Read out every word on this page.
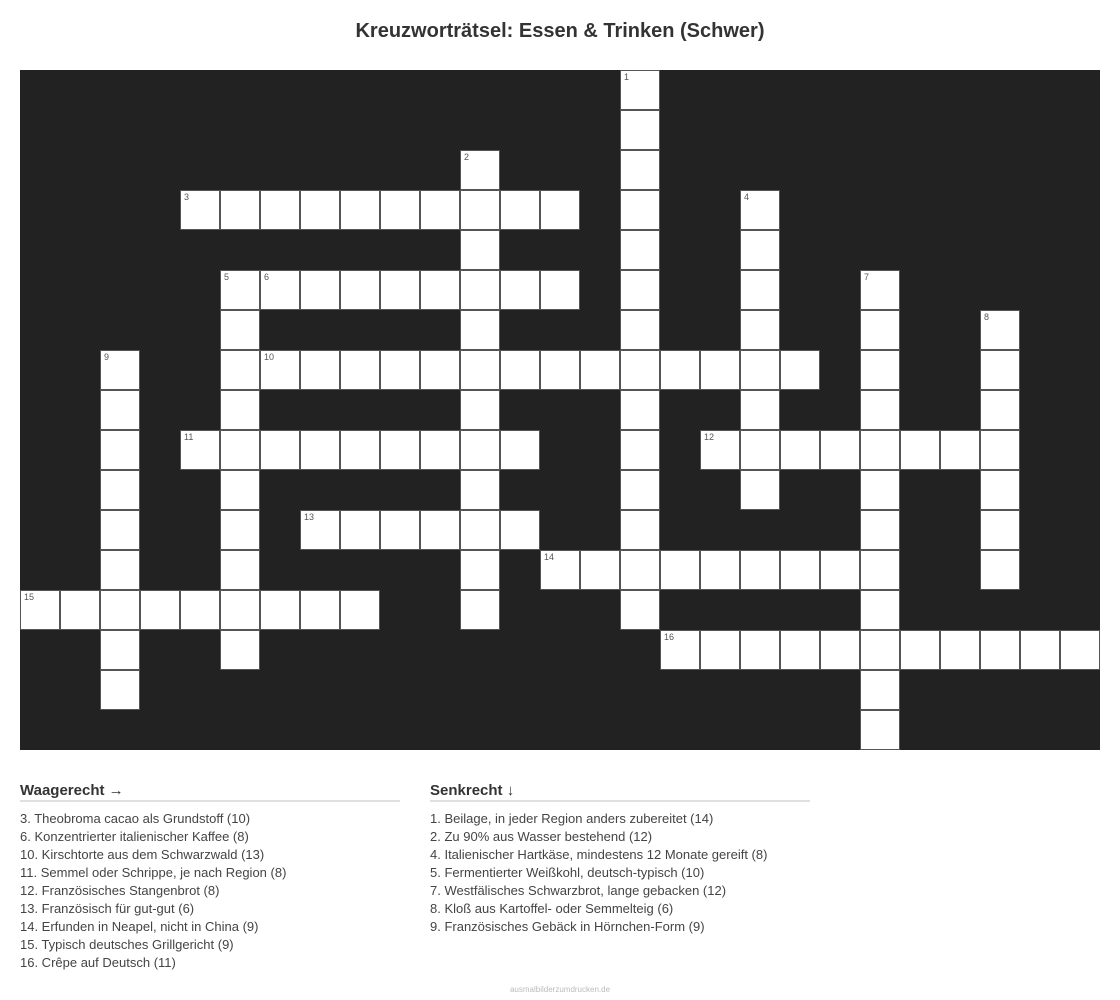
Kreuzworträtsel: Essen & Trinken (Schwer)
1
2
3	4
5	6	7
8
9	10
11	12
13
14
15
16
Waagerecht →
3. Theobroma cacao als Grundstoff (10)
6. Konzentrierter italienischer Kaffee (8)
10. Kirschtorte aus dem Schwarzwald (13)
11. Semmel oder Schrippe, je nach Region (8)
12. Französisches Stangenbrot (8)
13. Französisch für gut-gut (6)
14. Erfunden in Neapel, nicht in China (9)
15. Typisch deutsches Grillgericht (9)
16. Crêpe auf Deutsch (11)
Senkrecht ↓
1. Beilage, in jeder Region anders zubereitet (14)
2. Zu 90% aus Wasser bestehend (12)
4. Italienischer Hartkäse, mindestens 12 Monate gereift (8)
5. Fermentierter Weißkohl, deutsch-typisch (10)
7. Westfälisches Schwarzbrot, lange gebacken (12)
8. Kloß aus Kartoffel- oder Semmelteig (6)
9. Französisches Gebäck in Hörnchen-Form (9)
ausmalbilderzumdrucken.de
